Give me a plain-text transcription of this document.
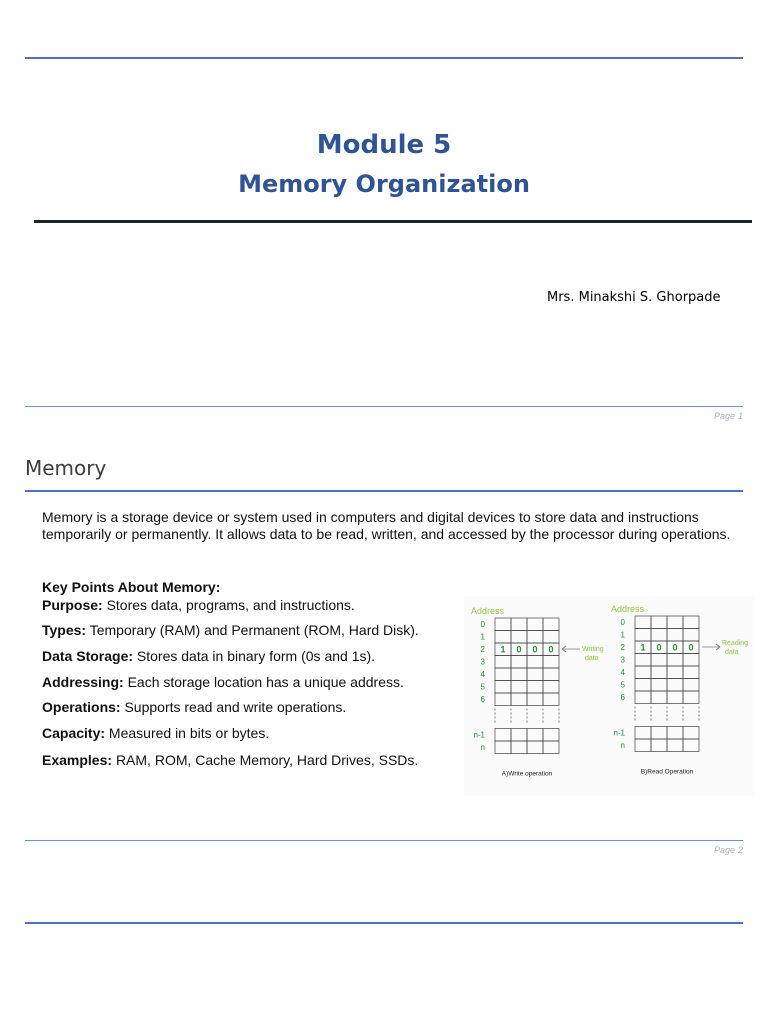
Module 5
Memory Organization
Mrs. Minakshi S. Ghorpade
Page 1
Memory
Memory is a storage device or system used in computers and digital devices to store data and instructions temporarily or permanently. It allows data to be read, written, and accessed by the processor during operations.
Key Points About Memory:
Purpose: Stores data, programs, and instructions.
Types: Temporary (RAM) and Permanent (ROM, Hard Disk).
Data Storage: Stores data in binary form (0s and 1s).
Addressing: Each storage location has a unique address.
Operations: Supports read and write operations.
Capacity: Measured in bits or bytes.
Examples: RAM, ROM, Cache Memory, Hard Drives, SSDs.
Address
0
1
2
3
4
5
6
1 0 0 0
n-1
n
Writing
data
A)Write operation
Address
0
1
2
3
4
5
6
1 0 0 0
n-1
n
Reading
data
B)Read Operation
Page 2
